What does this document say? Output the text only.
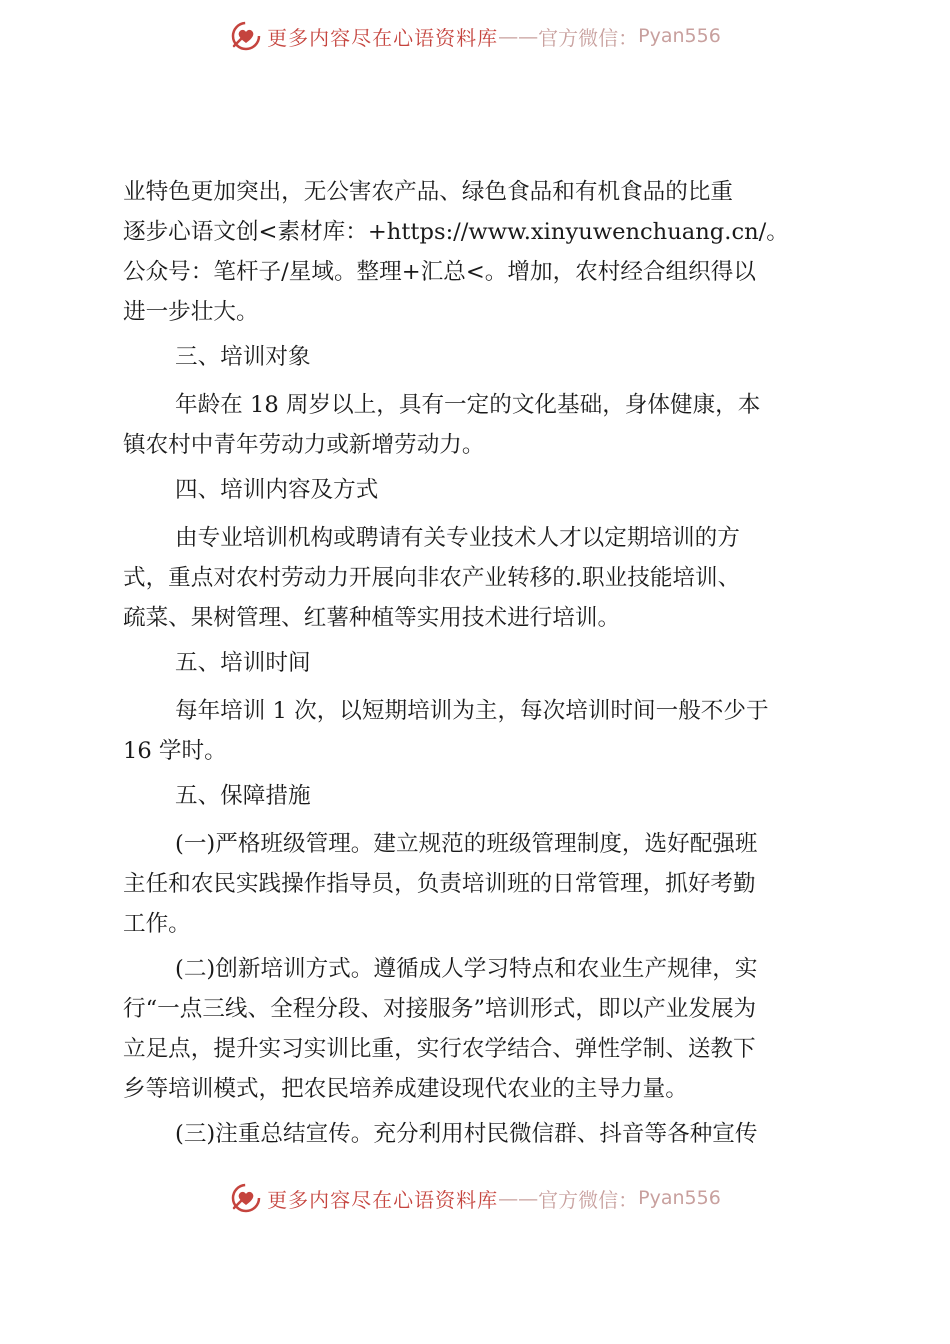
更多内容尽在心语资料库 —— 官方微信： Pyan556
业特色更加突出，无公害农产品、绿色食品和有机食品的比重
逐步心语文创<素材库：+https://www.xinyuwenchuang.cn/。
公众号：笔杆子/星域。整理+汇总<。增加，农村经合组织得以
进一步壮大。
三、培训对象
年龄在 18 周岁以上，具有一定的文化基础，身体健康，本
镇农村中青年劳动力或新增劳动力。
四、培训内容及方式
由专业培训机构或聘请有关专业技术人才以定期培训的方
式，重点对农村劳动力开展向非农产业转移的.职业技能培训、
疏菜、果树管理、红薯种植等实用技术进行培训。
五、培训时间
每年培训 1 次，以短期培训为主，每次培训时间一般不少于
16 学时。
五、保障措施
(一)严格班级管理。建立规范的班级管理制度，选好配强班
主任和农民实践操作指导员，负责培训班的日常管理，抓好考勤
工作。
(二)创新培训方式。遵循成人学习特点和农业生产规律，实
行“一点三线、全程分段、对接服务”培训形式，即以产业发展为
立足点，提升实习实训比重，实行农学结合、弹性学制、送教下
乡等培训模式，把农民培养成建设现代农业的主导力量。
(三)注重总结宣传。充分利用村民微信群、抖音等各种宣传
更多内容尽在心语资料库 —— 官方微信： Pyan556
